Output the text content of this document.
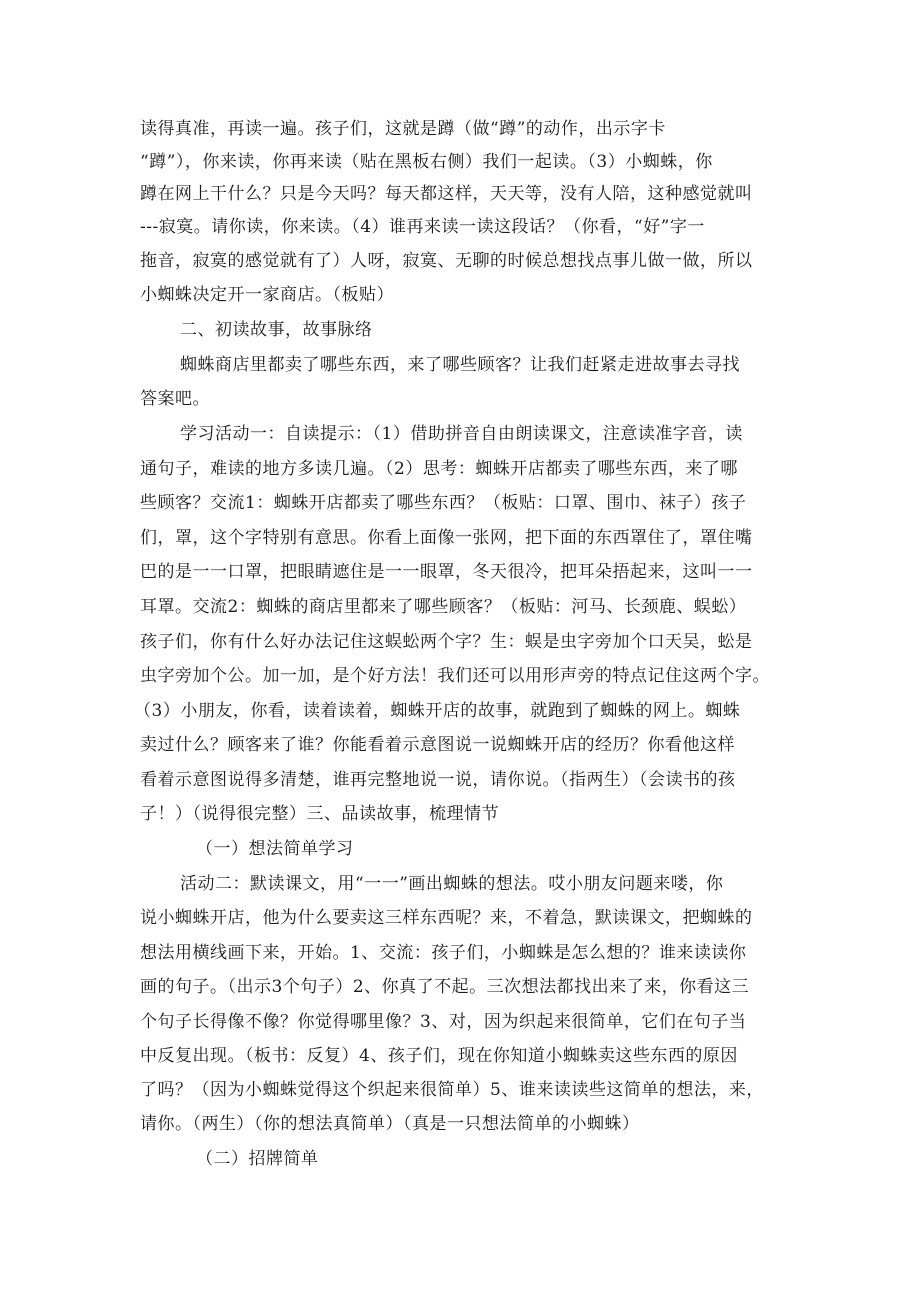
读得真准，再读一遍。孩子们，这就是蹲（做“蹲”的动作，出示字卡
“蹲”），你来读，你再来读（贴在黑板右侧）我们一起读。（3）小蜘蛛，你
蹲在网上干什么？只是今天吗？每天都这样，天天等，没有人陪，这种感觉就叫
---寂寞。请你读，你来读。（4）谁再来读一读这段话？（你看，“好”字一
拖音，寂寞的感觉就有了）人呀，寂寞、无聊的时候总想找点事儿做一做，所以
小蜘蛛决定开一家商店。（板贴）
二、初读故事，故事脉络
蜘蛛商店里都卖了哪些东西，来了哪些顾客？让我们赶紧走进故事去寻找
答案吧。
学习活动一：自读提示：（1）借助拼音自由朗读课文，注意读准字音，读
通句子，难读的地方多读几遍。（2）思考：蜘蛛开店都卖了哪些东西，来了哪
些顾客？交流1：蜘蛛开店都卖了哪些东西？（板贴：口罩、围巾、袜子）孩子
们，罩，这个字特别有意思。你看上面像一张网，把下面的东西罩住了，罩住嘴
巴的是一一口罩，把眼睛遮住是一一眼罩，冬天很冷，把耳朵捂起来，这叫一一
耳罩。交流2：蜘蛛的商店里都来了哪些顾客？（板贴：河马、长颈鹿、蜈蚣）
孩子们，你有什么好办法记住这蜈蚣两个字？生：蜈是虫字旁加个口天吴，蚣是
虫字旁加个公。加一加，是个好方法！我们还可以用形声旁的特点记住这两个字。
（3）小朋友，你看，读着读着，蜘蛛开店的故事，就跑到了蜘蛛的网上。蜘蛛
卖过什么？顾客来了谁？你能看着示意图说一说蜘蛛开店的经历？你看他这样
看着示意图说得多清楚，谁再完整地说一说，请你说。（指两生）（会读书的孩
子！）（说得很完整）三、品读故事，梳理情节
（一）想法简单学习
活动二：默读课文，用“一一”画出蜘蛛的想法。哎小朋友问题来喽，你
说小蜘蛛开店，他为什么要卖这三样东西呢？来，不着急，默读课文，把蜘蛛的
想法用横线画下来，开始。1、交流：孩子们，小蜘蛛是怎么想的？谁来读读你
画的句子。（出示3个句子）2、你真了不起。三次想法都找出来了来，你看这三
个句子长得像不像？你觉得哪里像？3、对，因为织起来很简单，它们在句子当
中反复出现。（板书：反复）4、孩子们，现在你知道小蜘蛛卖这些东西的原因
了吗？（因为小蜘蛛觉得这个织起来很简单）5、谁来读读些这简单的想法，来，
请你。（两生）（你的想法真简单）（真是一只想法简单的小蜘蛛）
（二）招牌简单
